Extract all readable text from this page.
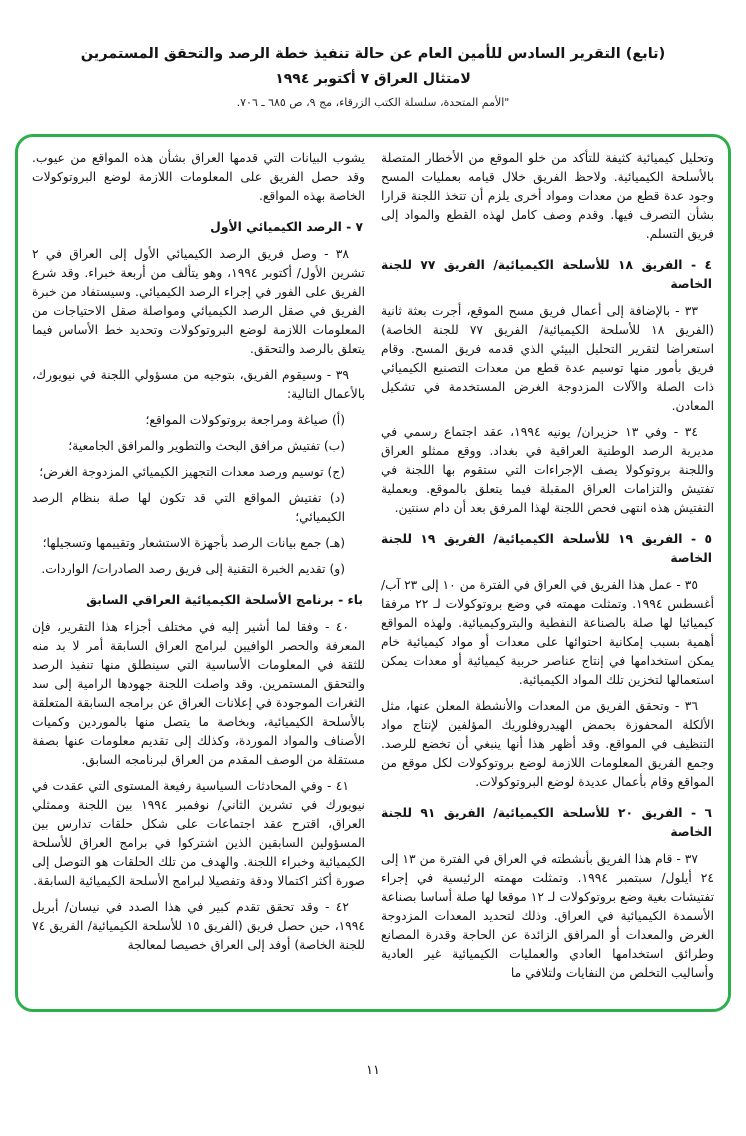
(تابع) التقرير السادس للأمين العام عن حالة تنفيذ خطة الرصد والتحقق المستمرين
لامتثال العراق ٧ أكتوبر ١٩٩٤
"الأمم المتحدة، سلسلة الكتب الزرقاء، مج ٩، ص ٦٨٥ ـ ٧٠٦.
وتحليل كيميائية كثيفة للتأكد من خلو الموقع من الأخطار المتصلة بالأسلحة الكيميائية. ولاحظ الفريق خلال قيامه بعمليات المسح وجود عدة قطع من معدات ومواد أخرى يلزم أن تتخذ اللجنة قرارا بشأن التصرف فيها. وقدم وصف كامل لهذه القطع والمواد إلى فريق التسلم.
٤ - الفريق ١٨ للأسلحة الكيميائية/ الفريق ٧٧ للجنة الخاصة
٣٣ - بالإضافة إلى أعمال فريق مسح الموقع، أجرت بعثة ثانية (الفريق ١٨ للأسلحة الكيميائية/ الفريق ٧٧ للجنة الخاصة) استعراضا لتقرير التحليل البيئي الذي قدمه فريق المسح. وقام فريق بأمور منها توسيم عدة قطع من معدات التصنيع الكيميائي ذات الصلة والآلات المزدوجة الغرض المستخدمة في تشكيل المعادن.
٣٤ - وفي ١٣ حزيران/ يونيه ١٩٩٤، عقد اجتماع رسمي في مديرية الرصد الوطنية العراقية في بغداد. ووقع ممثلو العراق واللجنة بروتوكولا يصف الإجراءات التي ستقوم بها اللجنة في تفتيش والتزامات العراق المقبلة فيما يتعلق بالموقع. وبعملية التفتيش هذه انتهى فحص اللجنة لهذا المرفق بعد أن دام سنتين.
٥ - الفريق ١٩ للأسلحة الكيميائية/ الفريق ١٩ للجنة الخاصة
٣٥ - عمل هذا الفريق في العراق في الفترة من ١٠ إلى ٢٣ آب/ أغسطس ١٩٩٤. وتمثلت مهمته في وضع بروتوكولات لـ ٢٢ مرفقا كيميائيا لها صلة بالصناعة النفطية والبتروكيميائية. ولهذه المواقع أهمية بسبب إمكانية احتوائها على معدات أو مواد كيميائية خام يمكن استخدامها في إنتاج عناصر حربية كيميائية أو معدات يمكن استعمالها لتخزين تلك المواد الكيميائية.
٣٦ - وتحقق الفريق من المعدات والأنشطة المعلن عنها، مثل الألكلة المحفوزة بحمض الهيدروفلوريك المؤلفين لإنتاج مواد التنظيف في المواقع. وقد أظهر هذا أنها ينبغي أن تخضع للرصد. وجمع الفريق المعلومات اللازمة لوضع بروتوكولات لكل موقع من المواقع وقام بأعمال عديدة لوضع البروتوكولات.
٦ - الفريق ٢٠ للأسلحة الكيميائية/ الفريق ٩١ للجنة الخاصة
٣٧ - قام هذا الفريق بأنشطته في العراق في الفترة من ١٣ إلى ٢٤ أيلول/ سبتمبر ١٩٩٤. وتمثلت مهمته الرئيسية في إجراء تفتيشات بغية وضع بروتوكولات لـ ١٢ موقعا لها صلة أساسا بصناعة الأسمدة الكيميائية في العراق. وذلك لتحديد المعدات المزدوجة الغرض والمعدات أو المرافق الزائدة عن الحاجة وقدرة المصانع وطرائق استخدامها العادي والعمليات الكيميائية غير العادية وأساليب التخلص من النفايات ولتلافي ما
يشوب البيانات التي قدمها العراق بشأن هذه المواقع من عيوب. وقد حصل الفريق على المعلومات اللازمة لوضع البروتوكولات الخاصة بهذه المواقع.
٧ - الرصد الكيميائي الأول
٣٨ - وصل فريق الرصد الكيميائي الأول إلى العراق في ٢ تشرين الأول/ أكتوبر ١٩٩٤، وهو يتألف من أربعة خبراء. وقد شرع الفريق على الفور في إجراء الرصد الكيميائي. وسيستفاد من خبرة الفريق في صقل الرصد الكيميائي ومواصلة صقل الاحتياجات من المعلومات اللازمة لوضع البروتوكولات وتحديد خط الأساس فيما يتعلق بالرصد والتحقق.
٣٩ - وسيقوم الفريق، بتوجيه من مسؤولي اللجنة في نيويورك، بالأعمال التالية:
(أ) صياغة ومراجعة بروتوكولات المواقع؛
(ب) تفتيش مرافق البحث والتطوير والمرافق الجامعية؛
(ج) توسيم ورصد معدات التجهيز الكيميائي المزدوجة الغرض؛
(د) تفتيش المواقع التي قد تكون لها صلة بنظام الرصد الكيميائي؛
(هـ) جمع بيانات الرصد بأجهزة الاستشعار وتقييمها وتسجيلها؛
(و) تقديم الخبرة التقنية إلى فريق رصد الصادرات/ الواردات.
باء - برنامج الأسلحة الكيميائية العراقي السابق
٤٠ - وفقا لما أشير إليه في مختلف أجزاء هذا التقرير، فإن المعرفة والحصر الوافيين لبرامج العراق السابقة أمر لا بد منه للثقة في المعلومات الأساسية التي سينطلق منها تنفيذ الرصد والتحقق المستمرين. وقد واصلت اللجنة جهودها الرامية إلى سد الثغرات الموجودة في إعلانات العراق عن برامجه السابقة المتعلقة بالأسلحة الكيميائية، وبخاصة ما يتصل منها بالموردين وكميات الأصناف والمواد الموردة، وكذلك إلى تقديم معلومات عنها بصفة مستقلة من الوصف المقدم من العراق لبرنامجه السابق.
٤١ - وفي المحادثات السياسية رفيعة المستوى التي عقدت في نيويورك في تشرين الثاني/ نوفمبر ١٩٩٤ بين اللجنة وممثلي العراق، اقترح عقد اجتماعات على شكل حلقات تدارس بين المسؤولين السابقين الذين اشتركوا في برامج العراق للأسلحة الكيميائية وخبراء اللجنة. والهدف من تلك الحلقات هو التوصل إلى صورة أكثر اكتمالا ودقة وتفصيلا لبرامج الأسلحة الكيميائية السابقة.
٤٢ - وقد تحقق تقدم كبير في هذا الصدد في نيسان/ أبريل ١٩٩٤، حين حصل فريق (الفريق ١٥ للأسلحة الكيميائية/ الفريق ٧٤ للجنة الخاصة) أوفد إلى العراق خصيصا لمعالجة
١١
